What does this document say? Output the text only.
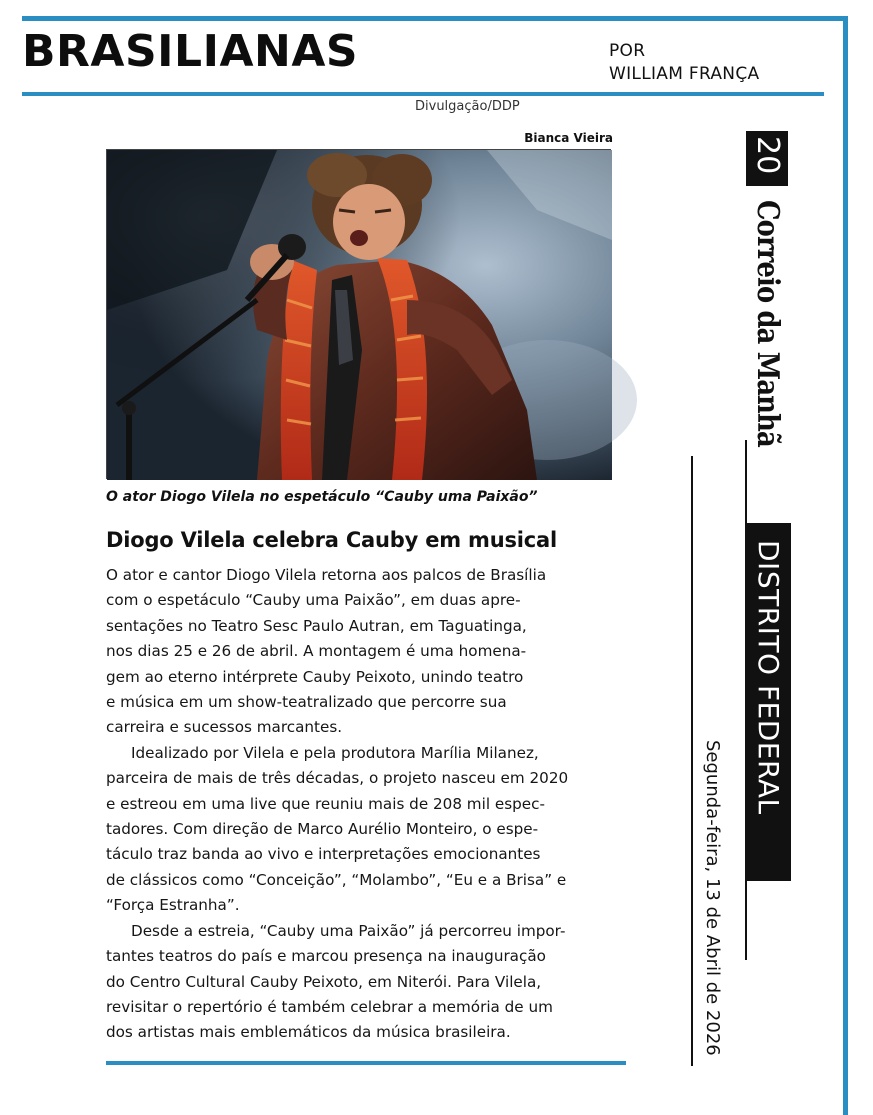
BRASILIANAS	POR
WILLIAM FRANÇA
Divulgação/DDP
Bianca Vieira
O ator Diogo Vilela no espetáculo “Cauby uma Paixão”
Diogo Vilela celebra Cauby em musical
O ator e cantor Diogo Vilela retorna aos palcos de Brasília
com o espetáculo “Cauby uma Paixão”, em duas apre-
sentações no Teatro Sesc Paulo Autran, em Taguatinga,
nos dias 25 e 26 de abril. A montagem é uma homena-
gem ao eterno intérprete Cauby Peixoto, unindo teatro
e música em um show-teatralizado que percorre sua
carreira e sucessos marcantes.
Idealizado por Vilela e pela produtora Marília Milanez,
parceira de mais de três décadas, o projeto nasceu em 2020
e estreou em uma live que reuniu mais de 208 mil espec-
tadores. Com direção de Marco Aurélio Monteiro, o espe-
táculo traz banda ao vivo e interpretações emocionantes
de clássicos como “Conceição”, “Molambo”, “Eu e a Brisa” e
“Força Estranha”.
Desde a estreia, “Cauby uma Paixão” já percorreu impor-
tantes teatros do país e marcou presença na inauguração
do Centro Cultural Cauby Peixoto, em Niterói. Para Vilela,
revisitar o repertório é também celebrar a memória de um
dos artistas mais emblemáticos da música brasileira.
20
Correio da Manhã
DISTRITO FEDERAL
Segunda-feira, 13 de Abril de 2026
